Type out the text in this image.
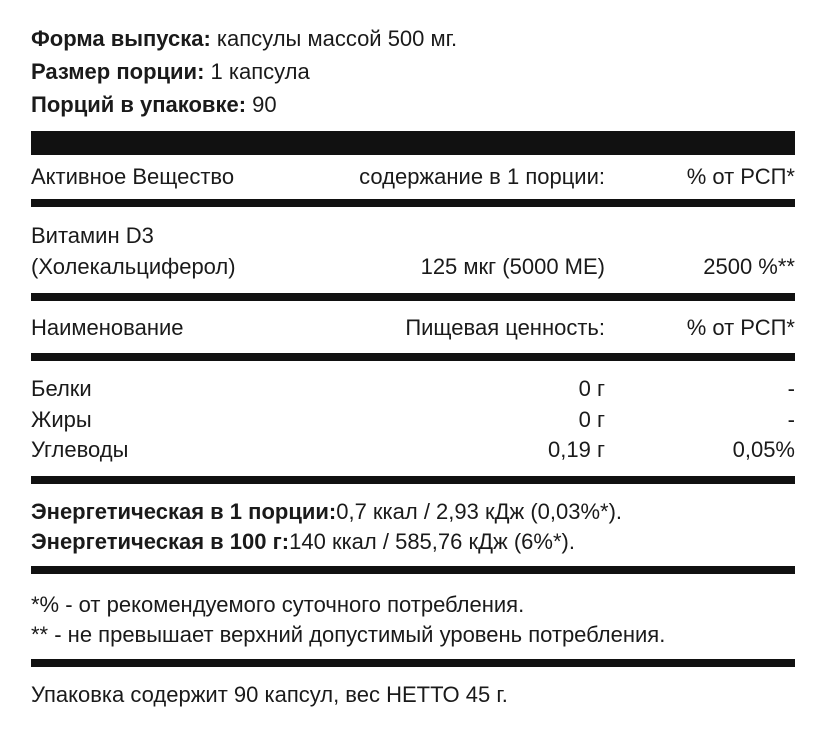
Форма выпуска: капсулы массой 500 мг.
Размер порции: 1 капсула
Порций в упаковке: 90
Активное Вещество	содержание в 1 порции:	% от РСП*
Витамин D3
(Холекальциферол)	125 мкг (5000 МЕ)	2500 %**
Наименование	Пищевая ценность:	% от РСП*
Белки	0 г	-
Жиры	0 г	-
Углеводы	0,19 г	0,05%
Энергетическая в 1 порции:0,7 ккал / 2,93 кДж (0,03%*).
Энергетическая в 100 г:140 ккал / 585,76 кДж (6%*).
*% - от рекомендуемого суточного потребления.
** - не превышает верхний допустимый уровень потребления.
Упаковка содержит 90 капсул, вес НЕТТО 45 г.
